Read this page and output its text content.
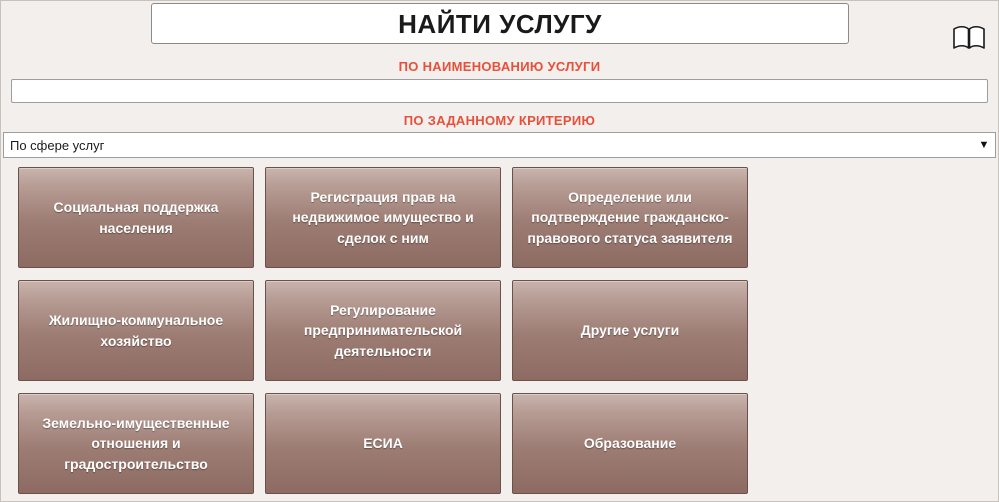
НАЙТИ УСЛУГУ
ПО НАИМЕНОВАНИЮ УСЛУГИ
ПО ЗАДАННОМУ КРИТЕРИЮ
По сфере услуг	▼
Социальная поддержка населения
Регистрация прав на недвижимое имущество и сделок с ним
Определение или подтверждение гражданско-правового статуса заявителя
Жилищно-коммунальное хозяйство
Регулирование предпринимательской деятельности
Другие услуги
Земельно-имущественные отношения и градостроительство
ЕСИА	Образование
